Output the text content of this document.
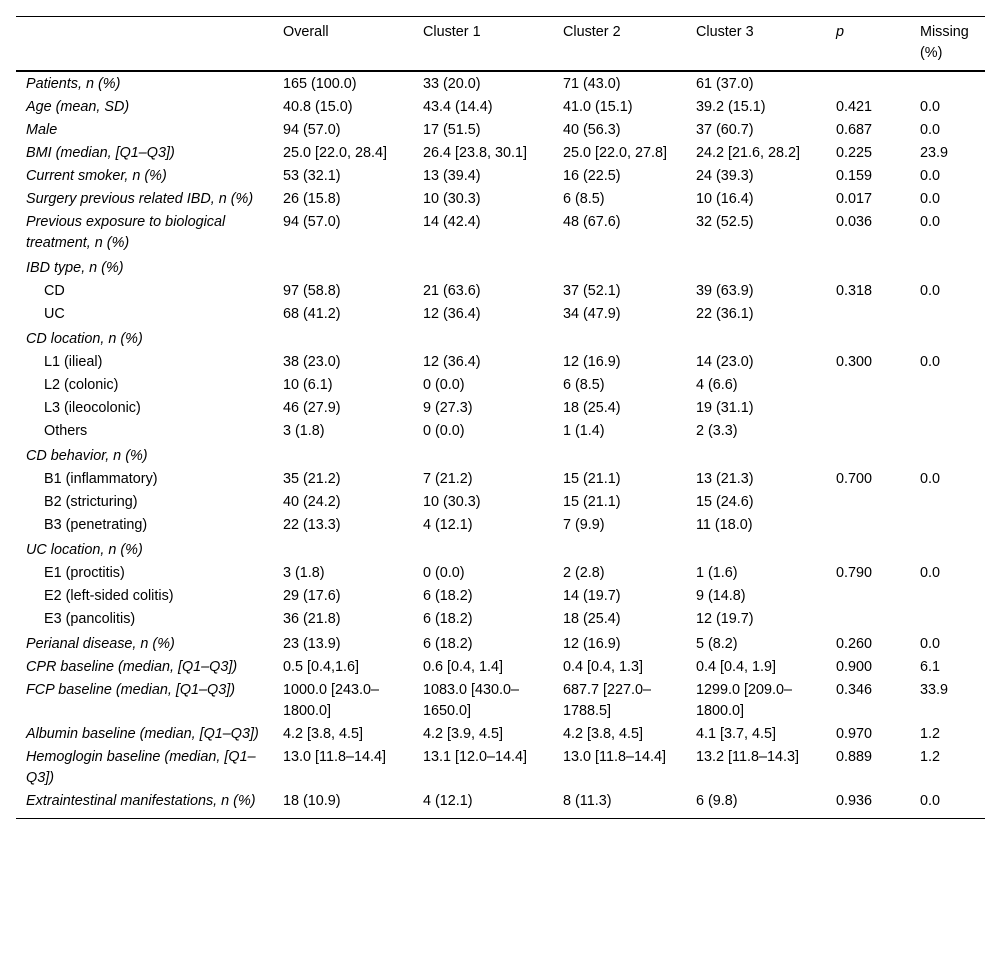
	Overall	Cluster 1	Cluster 2	Cluster 3	p	Missing (%)
Patients, n (%)	165 (100.0)	33 (20.0)	71 (43.0)	61 (37.0)		
Age (mean, SD)	40.8 (15.0)	43.4 (14.4)	41.0 (15.1)	39.2 (15.1)	0.421	0.0
Male	94 (57.0)	17 (51.5)	40 (56.3)	37 (60.7)	0.687	0.0
BMI (median, [Q1–Q3])	25.0 [22.0, 28.4]	26.4 [23.8, 30.1]	25.0 [22.0, 27.8]	24.2 [21.6, 28.2]	0.225	23.9
Current smoker, n (%)	53 (32.1)	13 (39.4)	16 (22.5)	24 (39.3)	0.159	0.0
Surgery previous related IBD, n (%)	26 (15.8)	10 (30.3)	6 (8.5)	10 (16.4)	0.017	0.0
Previous exposure to biological treatment, n (%)	94 (57.0)	14 (42.4)	48 (67.6)	32 (52.5)	0.036	0.0
IBD type, n (%)						
CD	97 (58.8)	21 (63.6)	37 (52.1)	39 (63.9)	0.318	0.0
UC	68 (41.2)	12 (36.4)	34 (47.9)	22 (36.1)		
CD location, n (%)						
L1 (ilieal)	38 (23.0)	12 (36.4)	12 (16.9)	14 (23.0)	0.300	0.0
L2 (colonic)	10 (6.1)	0 (0.0)	6 (8.5)	4 (6.6)		
L3 (ileocolonic)	46 (27.9)	9 (27.3)	18 (25.4)	19 (31.1)		
Others	3 (1.8)	0 (0.0)	1 (1.4)	2 (3.3)		
CD behavior, n (%)						
B1 (inflammatory)	35 (21.2)	7 (21.2)	15 (21.1)	13 (21.3)	0.700	0.0
B2 (stricturing)	40 (24.2)	10 (30.3)	15 (21.1)	15 (24.6)		
B3 (penetrating)	22 (13.3)	4 (12.1)	7 (9.9)	11 (18.0)		
UC location, n (%)						
E1 (proctitis)	3 (1.8)	0 (0.0)	2 (2.8)	1 (1.6)	0.790	0.0
E2 (left-sided colitis)	29 (17.6)	6 (18.2)	14 (19.7)	9 (14.8)		
E3 (pancolitis)	36 (21.8)	6 (18.2)	18 (25.4)	12 (19.7)		
Perianal disease, n (%)	23 (13.9)	6 (18.2)	12 (16.9)	5 (8.2)	0.260	0.0
CPR baseline (median, [Q1–Q3])	0.5 [0.4,1.6]	0.6 [0.4, 1.4]	0.4 [0.4, 1.3]	0.4 [0.4, 1.9]	0.900	6.1
FCP baseline (median, [Q1–Q3])	1000.0 [243.0–1800.0]	1083.0 [430.0–1650.0]	687.7 [227.0–1788.5]	1299.0 [209.0–1800.0]	0.346	33.9
Albumin baseline (median, [Q1–Q3])	4.2 [3.8, 4.5]	4.2 [3.9, 4.5]	4.2 [3.8, 4.5]	4.1 [3.7, 4.5]	0.970	1.2
Hemoglogin baseline (median, [Q1–Q3])	13.0 [11.8–14.4]	13.1 [12.0–14.4]	13.0 [11.8–14.4]	13.2 [11.8–14.3]	0.889	1.2
Extraintestinal manifestations, n (%)	18 (10.9)	4 (12.1)	8 (11.3)	6 (9.8)	0.936	0.0
